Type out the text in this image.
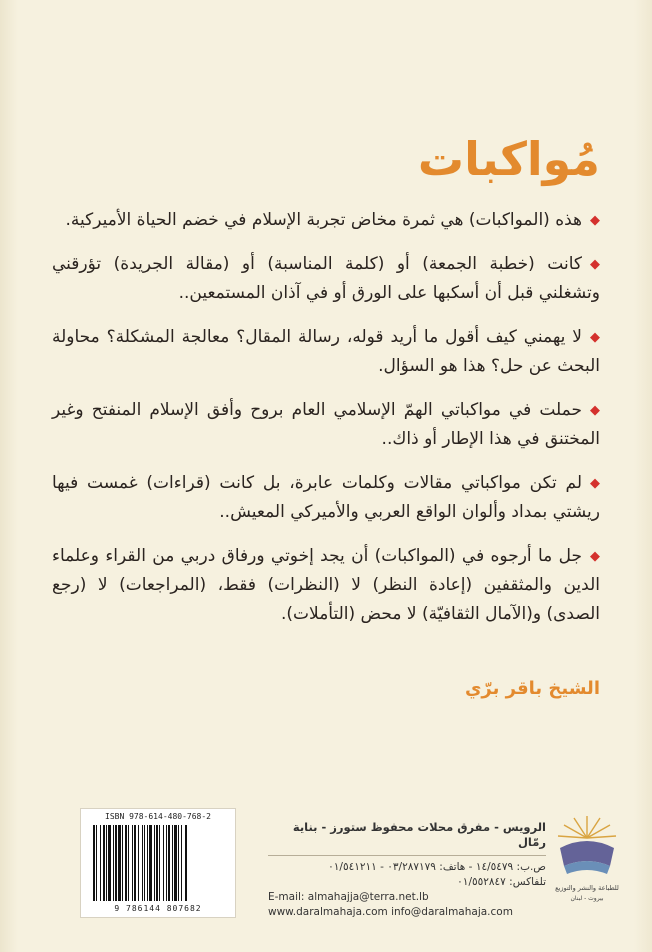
مُواكبات

◆هذه (المواكبات) هي ثمرة مخاض تجربة الإسلام في خضم الحياة الأميركية.

◆كانت (خطبة الجمعة) أو (كلمة المناسبة) أو (مقالة الجريدة) تؤرقني وتشغلني قبل أن أسكبها على الورق أو في آذان المستمعين..

◆لا يهمني كيف أقول ما أريد قوله، رسالة المقال؟ معالجة المشكلة؟ محاولة البحث عن حل؟ هذا هو السؤال.

◆حملت في مواكباتي الهمّ الإسلامي العام بروح وأفق الإسلام المنفتح وغير المختنق في هذا الإطار أو ذاك..

◆لم تكن مواكباتي مقالات وكلمات عابرة، بل كانت (قراءات) غمست فيها ريشتي بمداد وألوان الواقع العربي والأميركي المعيش..

◆جل ما أرجوه في (المواكبات) أن يجد إخوتي ورفاق دربي من القراء وعلماء الدين والمثقفين (إعادة النظر) لا (النظرات) فقط، (المراجعات) لا (رجع الصدى) و(الآمال الثقافيّة) لا محض (التأملات).

الشيخ باقر برّي
ISBN 978-614-480-768-2
9 786144 807682
الرويس - مفرق محلات محفوظ ستورز - بناية رمّال
ص.ب: ١٤/٥٤٧٩ - هاتف: ٠٣/٢٨٧١٧٩ - ٠١/٥٤١٢١١
تلفاكس: ٠١/٥٥٢٨٤٧
E-mail: almahajja@terra.net.lb
www.daralmahaja.com info@daralmahaja.com
للطباعة والنشر والتوزيع
بيروت - لبنان
